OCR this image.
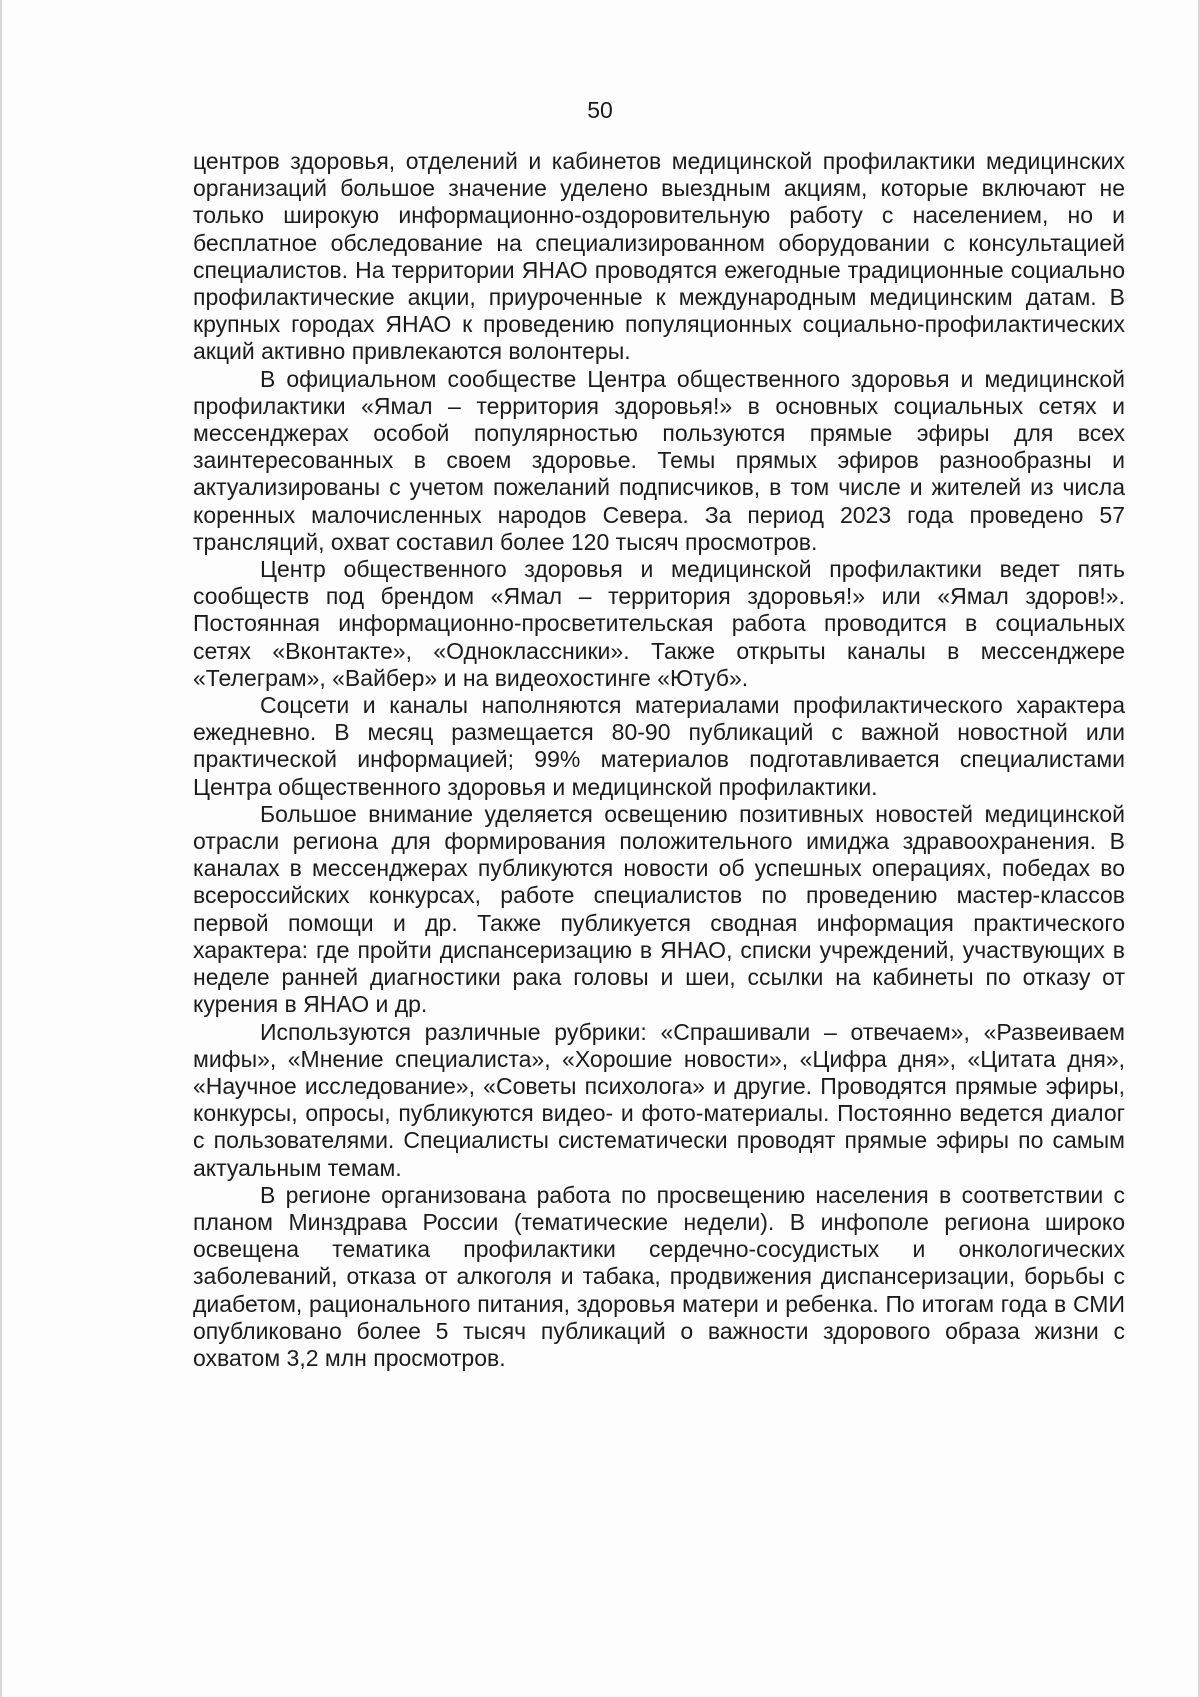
50

центров здоровья, отделений и кабинетов медицинской профилактики медицинских организаций большое значение уделено выездным акциям, которые включают не только широкую информационно-оздоровительную работу с населением, но и бесплатное обследование на специализированном оборудовании с консультацией специалистов. На территории ЯНАО проводятся ежегодные традиционные социально профилактические акции, приуроченные к международным медицинским датам. В крупных городах ЯНАО к проведению популяционных социально-профилактических акций активно привлекаются волонтеры.

В официальном сообществе Центра общественного здоровья и медицинской профилактики «Ямал – территория здоровья!» в основных социальных сетях и мессенджерах особой популярностью пользуются прямые эфиры для всех заинтересованных в своем здоровье. Темы прямых эфиров разнообразны и актуализированы с учетом пожеланий подписчиков, в том числе и жителей из числа коренных малочисленных народов Севера. За период 2023 года проведено 57 трансляций, охват составил более 120 тысяч просмотров.

Центр общественного здоровья и медицинской профилактики ведет пять сообществ под брендом «Ямал – территория здоровья!» или «Ямал здоров!». Постоянная информационно-просветительская работа проводится в социальных сетях «Вконтакте», «Одноклассники». Также открыты каналы в мессенджере «Телеграм», «Вайбер» и на видеохостинге «Ютуб».

Соцсети и каналы наполняются материалами профилактического характера ежедневно. В месяц размещается 80-90 публикаций с важной новостной или практической информацией; 99% материалов подготавливается специалистами Центра общественного здоровья и медицинской профилактики.

Большое внимание уделяется освещению позитивных новостей медицинской отрасли региона для формирования положительного имиджа здравоохранения. В каналах в мессенджерах публикуются новости об успешных операциях, победах во всероссийских конкурсах, работе специалистов по проведению мастер-классов первой помощи и др. Также публикуется сводная информация практического характера: где пройти диспансеризацию в ЯНАО, списки учреждений, участвующих в неделе ранней диагностики рака головы и шеи, ссылки на кабинеты по отказу от курения в ЯНАО и др.

Используются различные рубрики: «Спрашивали – отвечаем», «Развеиваем мифы», «Мнение специалиста», «Хорошие новости», «Цифра дня», «Цитата дня», «Научное исследование», «Советы психолога» и другие. Проводятся прямые эфиры, конкурсы, опросы, публикуются видео- и фото-материалы. Постоянно ведется диалог с пользователями. Специалисты систематически проводят прямые эфиры по самым актуальным темам.

В регионе организована работа по просвещению населения в соответствии с планом Минздрава России (тематические недели). В инфополе региона широко освещена тематика профилактики сердечно-сосудистых и онкологических заболеваний, отказа от алкоголя и табака, продвижения диспансеризации, борьбы с диабетом, рационального питания, здоровья матери и ребенка. По итогам года в СМИ опубликовано более 5 тысяч публикаций о важности здорового образа жизни с охватом 3,2 млн просмотров.
